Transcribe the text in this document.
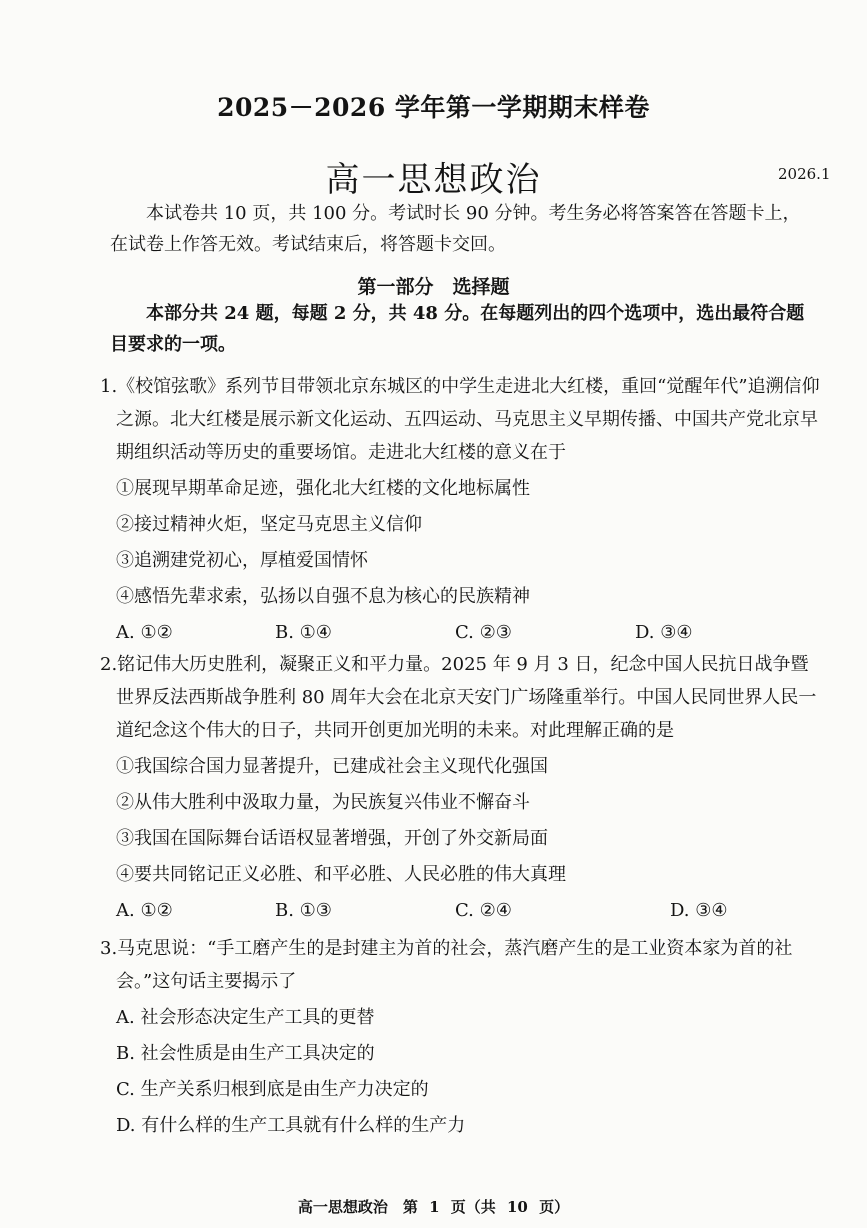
2025－2026 学年第一学期期末样卷
高一思想政治	2026.1
本试卷共 10 页，共 100 分。考试时长 90 分钟。考生务必将答案答在答题卡上，在试卷上作答无效。考试结束后，将答题卡交回。
第一部分　选择题
本部分共 24 题，每题 2 分，共 48 分。在每题列出的四个选项中，选出最符合题目要求的一项。
1.《校馆弦歌》系列节目带领北京东城区的中学生走进北大红楼，重回“觉醒年代”追溯信仰之源。北大红楼是展示新文化运动、五四运动、马克思主义早期传播、中国共产党北京早期组织活动等历史的重要场馆。走进北大红楼的意义在于
①展现早期革命足迹，强化北大红楼的文化地标属性
②接过精神火炬，坚定马克思主义信仰
③追溯建党初心，厚植爱国情怀
④感悟先辈求索，弘扬以自强不息为核心的民族精神
A. ①②	B. ①④	C. ②③	D. ③④
2.铭记伟大历史胜利，凝聚正义和平力量。2025 年 9 月 3 日，纪念中国人民抗日战争暨世界反法西斯战争胜利 80 周年大会在北京天安门广场隆重举行。中国人民同世界人民一道纪念这个伟大的日子，共同开创更加光明的未来。对此理解正确的是
①我国综合国力显著提升，已建成社会主义现代化强国
②从伟大胜利中汲取力量，为民族复兴伟业不懈奋斗
③我国在国际舞台话语权显著增强，开创了外交新局面
④要共同铭记正义必胜、和平必胜、人民必胜的伟大真理
A. ①②	B. ①③	C. ②④	D. ③④
3.马克思说：“手工磨产生的是封建主为首的社会，蒸汽磨产生的是工业资本家为首的社会。”这句话主要揭示了
A. 社会形态决定生产工具的更替
B. 社会性质是由生产工具决定的
C. 生产关系归根到底是由生产力决定的
D. 有什么样的生产工具就有什么样的生产力
高一思想政治　第 1 页（共 10 页）
